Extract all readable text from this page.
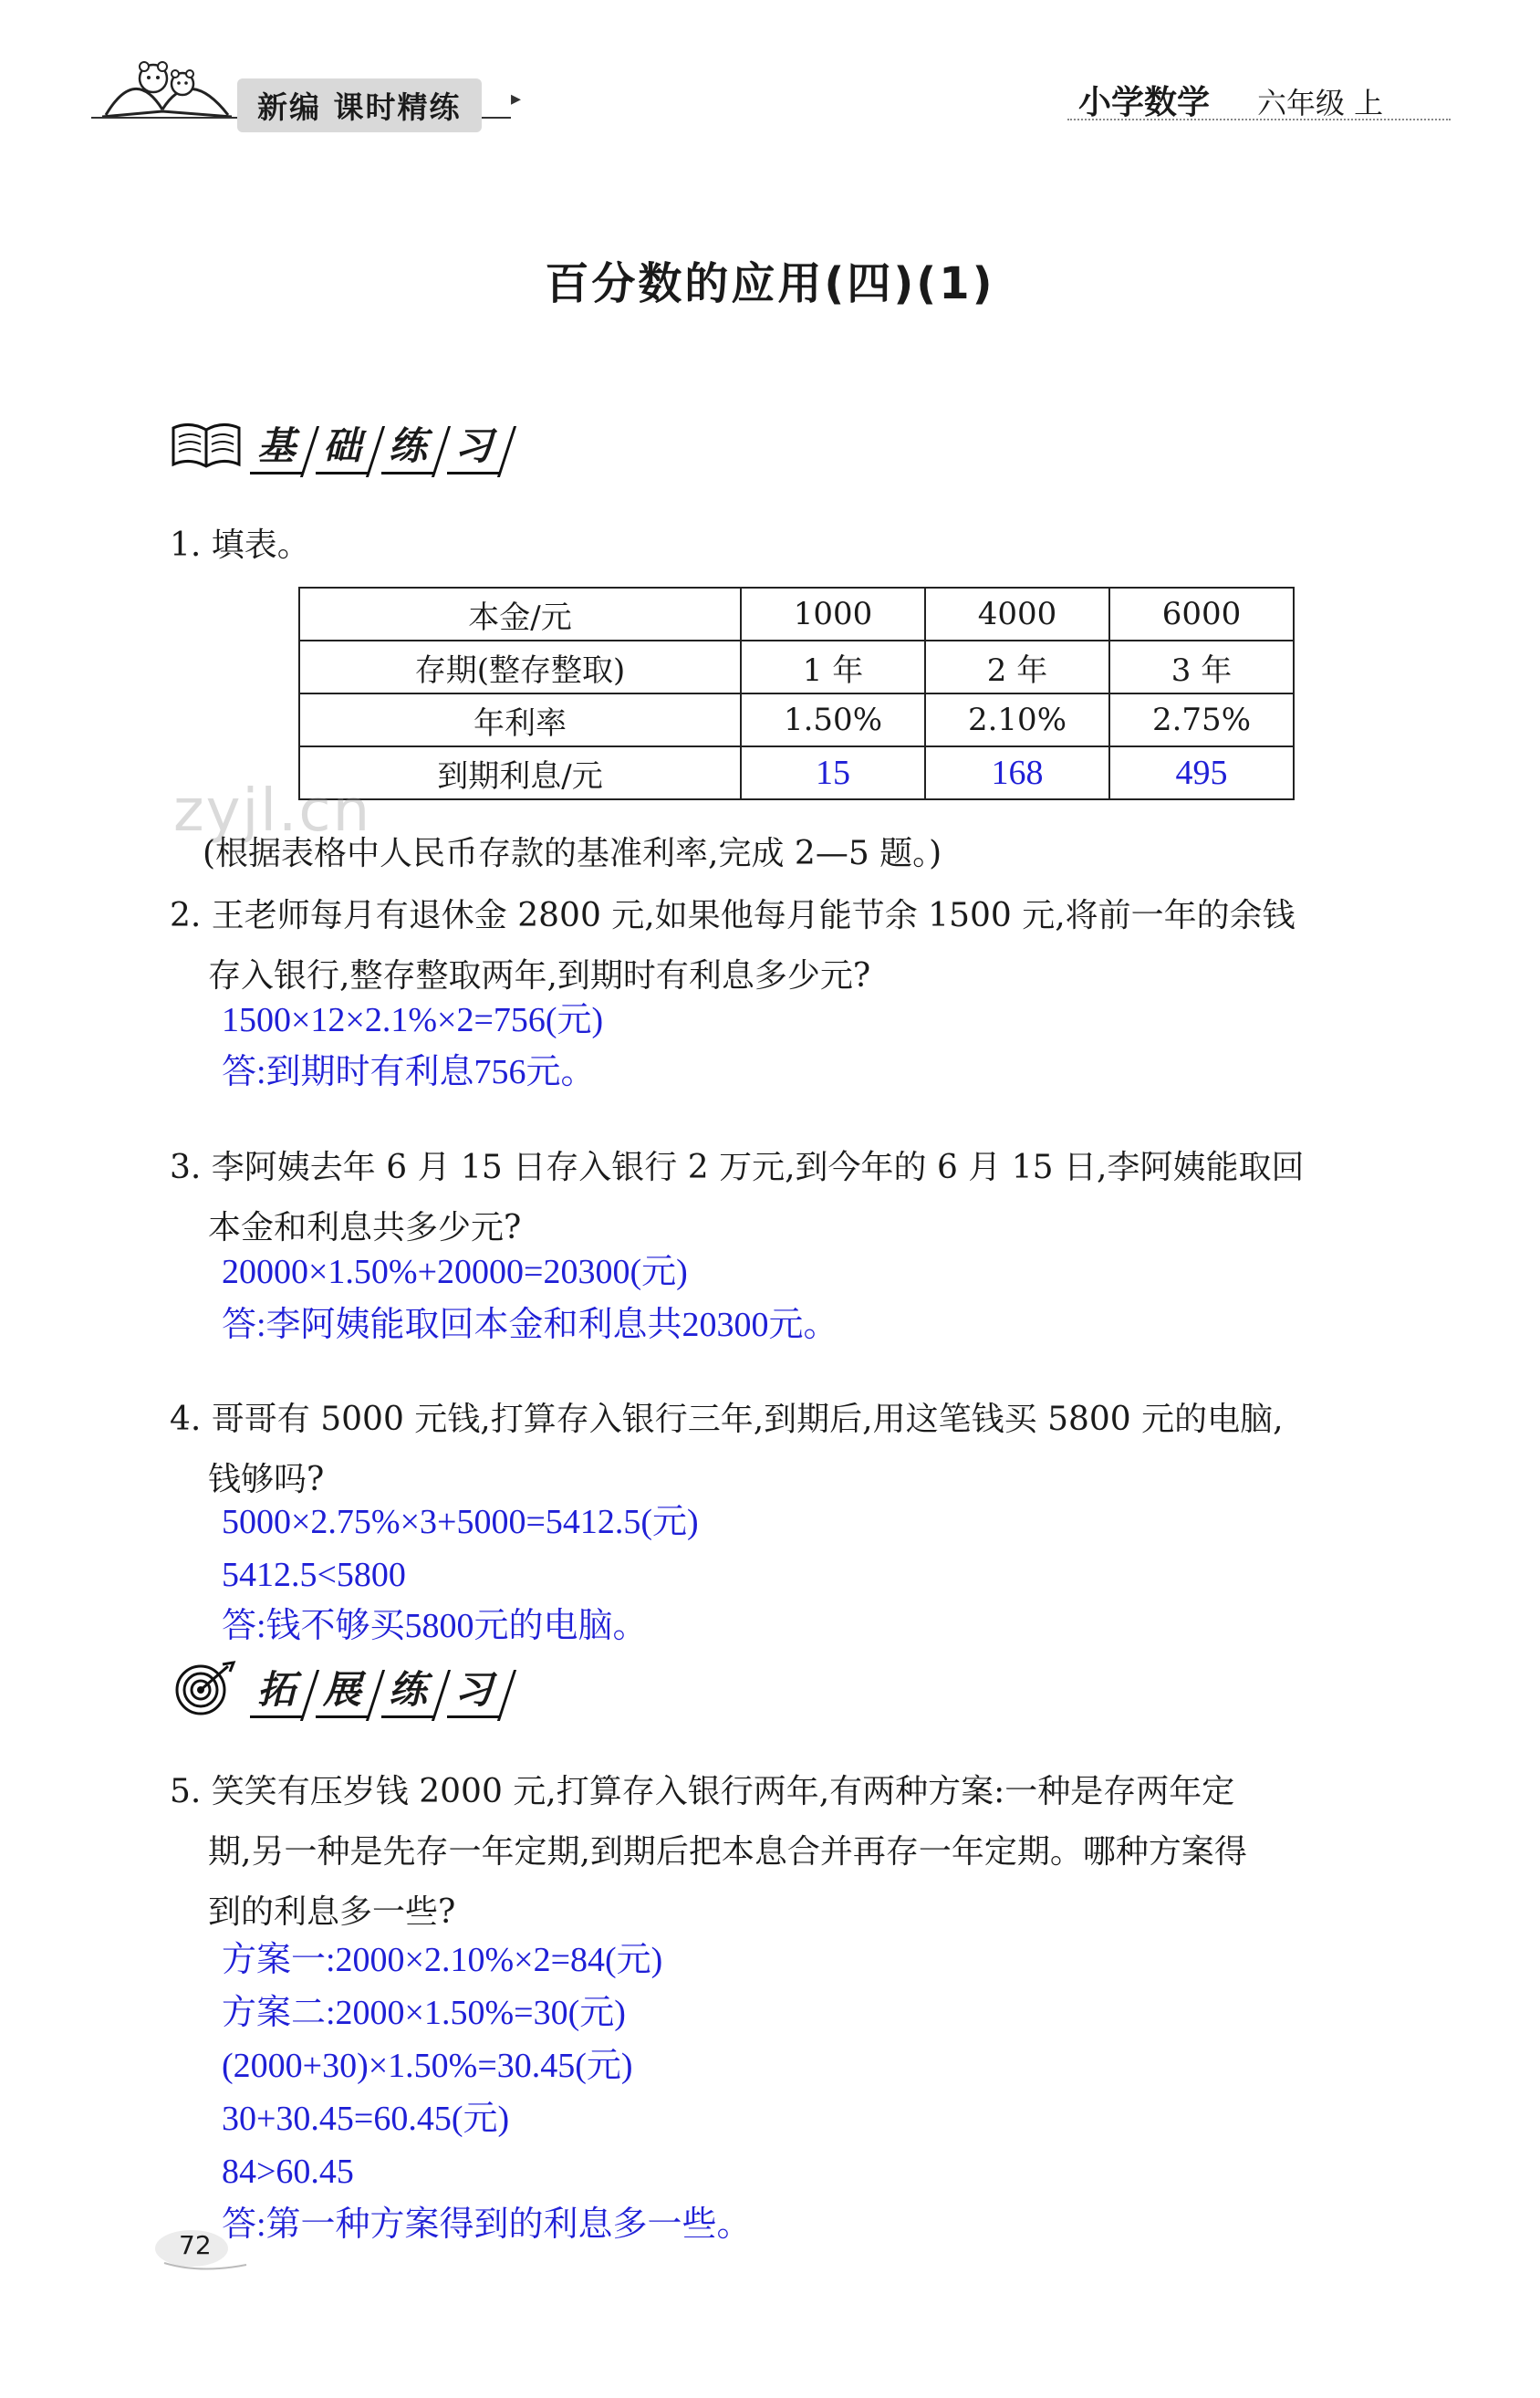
新编 课时精练	▸	小学数学 六年级 上
百分数的应用(四)(1)
基 础 练 习
1. 填表。
本金/元	1000	4000	6000
存期(整存整取)	1 年	2 年	3 年
年利率	1.50%	2.10%	2.75%
到期利息/元	15	168	495
zyjl.cn
(根据表格中人民币存款的基准利率,完成 2—5 题。)
2. 王老师每月有退休金 2800 元,如果他每月能节余 1500 元,将前一年的余钱
存入银行,整存整取两年,到期时有利息多少元?
1500×12×2.1%×2=756(元)
答:到期时有利息756元。
3. 李阿姨去年 6 月 15 日存入银行 2 万元,到今年的 6 月 15 日,李阿姨能取回
本金和利息共多少元?
20000×1.50%+20000=20300(元)
答:李阿姨能取回本金和利息共20300元。
4. 哥哥有 5000 元钱,打算存入银行三年,到期后,用这笔钱买 5800 元的电脑,
钱够吗?
5000×2.75%×3+5000=5412.5(元)
5412.5<5800
答:钱不够买5800元的电脑。
拓 展 练 习
5. 笑笑有压岁钱 2000 元,打算存入银行两年,有两种方案:一种是存两年定
期,另一种是先存一年定期,到期后把本息合并再存一年定期。哪种方案得
到的利息多一些?
方案一:2000×2.10%×2=84(元)
方案二:2000×1.50%=30(元)
(2000+30)×1.50%=30.45(元)
30+30.45=60.45(元)
84>60.45
答:第一种方案得到的利息多一些。
72
